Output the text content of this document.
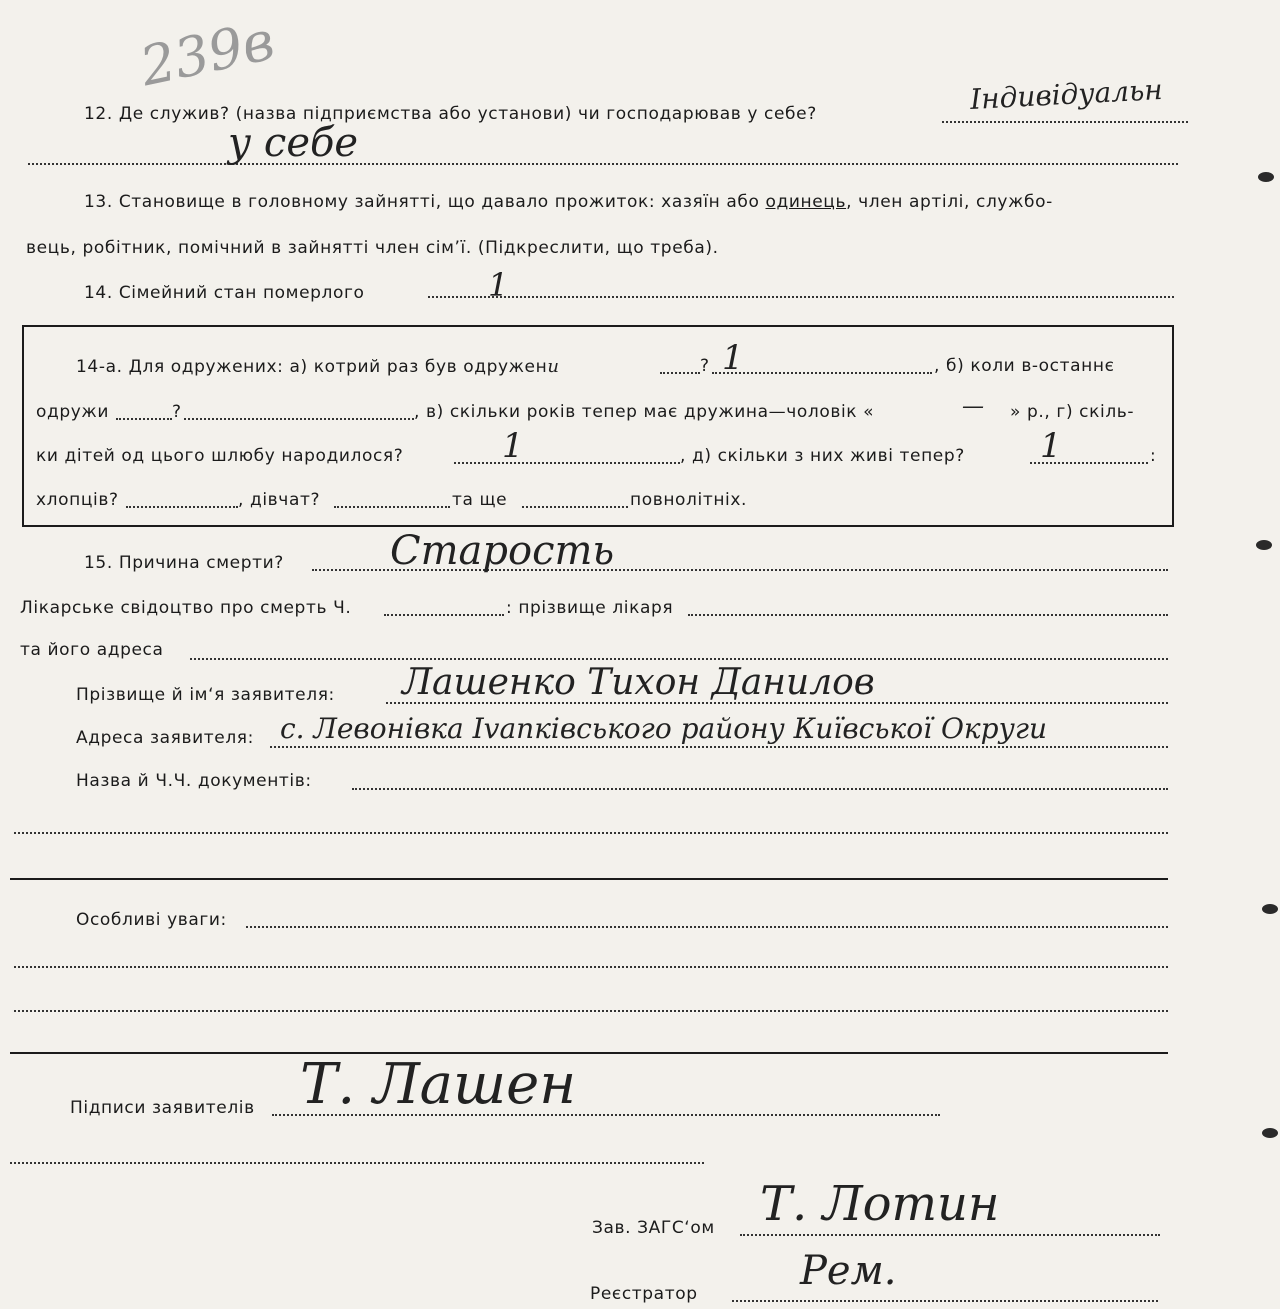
239в
12. Де служив? (назва підприємства або установи) чи господарював у себе?	Індивідуальн
у себе
13. Становище в головному зайнятті, що давало прожиток: хазяїн або одинець, член артілі, службо-
вець, робітник, помічний в зайнятті член сім’ї. (Підкреслити, що треба).
14. Сімейний стан померлого	1
14-а. Для одружених: а) котрий раз був одружени	? 1	, б) коли в-останнє
одружи	?	, в) скільки років тепер має дружина—чоловік «	— » р., г) скіль-
ки дітей од цього шлюбу народилося?	1	, д) скільки з них живі тепер? 1	:
хлопців?	, дівчат?	та ще	повнолітніх.
15. Причина смерти?	Старость
Лікарське свідоцтво про смерть Ч.	: прізвище лікаря
та його адреса
Прізвище й ім‘я заявителя: Лашенко Тихон Данилов
Адреса заявителя: с. Левонівка Ivanківського району Київської Округи
Назва й Ч.Ч. документів:
Особливі уваги:
Підписи заявителів Т. Лашен
Зав. ЗАГС‘ом Т. Лотин
Реєстратор	Рем.
